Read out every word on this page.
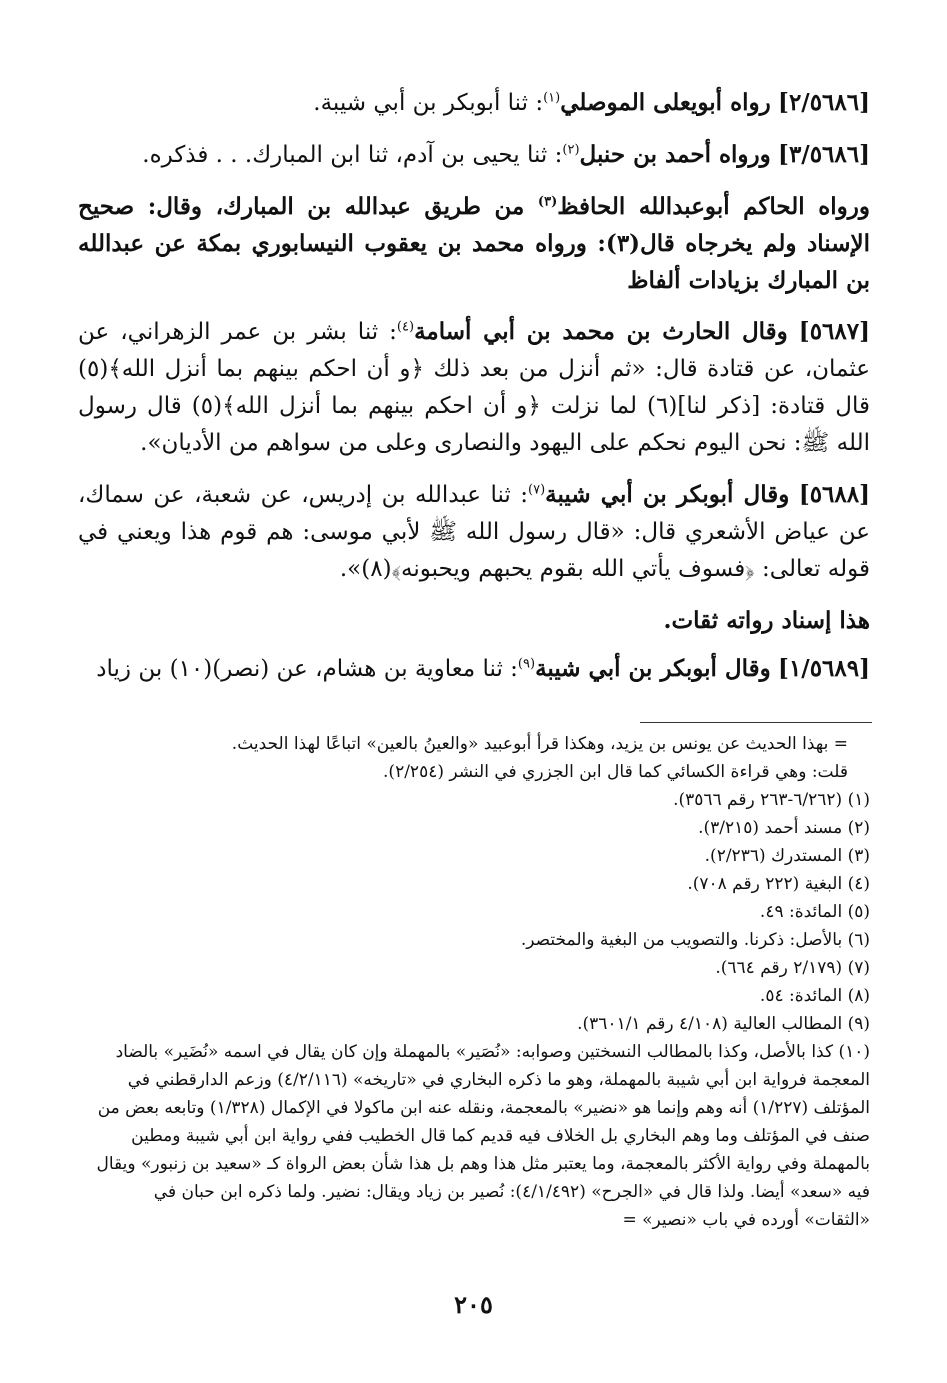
[٢/٥٦٨٦] رواه أبويعلى الموصلي$^{(١)}$: ثنا أبوبكر بن أبي شيبة.

[٣/٥٦٨٦] ورواه أحمد بن حنبل$^{(٢)}$: ثنا يحيى بن آدم، ثنا ابن المبارك. . . فذكره.

ورواه الحاكم أبوعبدالله الحافظ$^{(٣)}$ من طريق عبدالله بن المبارك، وقال: صحيح الإسناد ولم يخرجاه قال(٣): ورواه محمد بن يعقوب النيسابوري بمكة عن عبدالله بن المبارك بزيادات ألفاظ

[٥٦٨٧] وقال الحارث بن محمد بن أبي أسامة$^{(٤)}$: ثنا بشر بن عمر الزهراني، عن عثمان، عن قتادة قال: «ثم أنزل من بعد ذلك ﴿و أن احكم بينهم بما أنزل الله﴾(٥) قال قتادة: [ذكر لنا](٦) لما نزلت ﴿و أن احكم بينهم بما أنزل الله﴾(٥) قال رسول الله ﷺ: نحن اليوم نحكم على اليهود والنصارى وعلى من سواهم من الأديان».

[٥٦٨٨] وقال أبوبكر بن أبي شيبة$^{(٧)}$: ثنا عبدالله بن إدريس، عن شعبة، عن سماك، عن عياض الأشعري قال: «قال رسول الله ﷺ لأبي موسى: هم قوم هذا ويعني في قوله تعالى: ﴿فسوف يأتي الله بقوم يحبهم ويحبونه﴾(٨)».

هذا إسناد رواته ثقات.

[١/٥٦٨٩] وقال أبوبكر بن أبي شيبة$^{(٩)}$: ثنا معاوية بن هشام، عن (نصر)(١٠) بن زياد

= بهذا الحديث عن يونس بن يزيد، وهكذا قرأ أبوعبيد «والعينُ بالعين» اتباعًا لهذا الحديث.

قلت: وهي قراءة الكسائي كما قال ابن الجزري في النشر (٢/٢٥٤).

(١) (٦/٢٦٢-٢٦٣ رقم ٣٥٦٦).

(٢) مسند أحمد (٣/٢١٥).

(٣) المستدرك (٢/٢٣٦).

(٤) البغية (٢٢٢ رقم ٧٠٨).

(٥) المائدة: ٤٩.

(٦) بالأصل: ذكرنا. والتصويب من البغية والمختصر.

(٧) (٢/١٧٩ رقم ٦٦٤).

(٨) المائدة: ٥٤.

(٩) المطالب العالية (٤/١٠٨ رقم ٣٦٠١/١).

(١٠) كذا بالأصل، وكذا بالمطالب النسختين وصوابه: «نُصَير» بالمهملة وإن كان يقال في اسمه «نُضَير» بالضاد المعجمة فرواية ابن أبي شيبة بالمهملة، وهو ما ذكره البخاري في «تاريخه» (٤/٢/١١٦) وزعم الدارقطني في المؤتلف (١/٢٢٧) أنه وهم وإنما هو «نضير» بالمعجمة، ونقله عنه ابن ماكولا في الإكمال (١/٣٢٨) وتابعه بعض من صنف في المؤتلف وما وهم البخاري بل الخلاف فيه قديم كما قال الخطيب ففي رواية ابن أبي شيبة ومطين بالمهملة وفي رواية الأكثر بالمعجمة، وما يعتبر مثل هذا وهم بل هذا شأن بعض الرواة كـ «سعيد بن زنبور» ويقال فيه «سعد» أيضا. ولذا قال في «الجرح» (٤/١/٤٩٢): نُصير بن زياد ويقال: نضير. ولما ذكره ابن حبان في «الثقات» أورده في باب «نصير» =

٢٠٥
